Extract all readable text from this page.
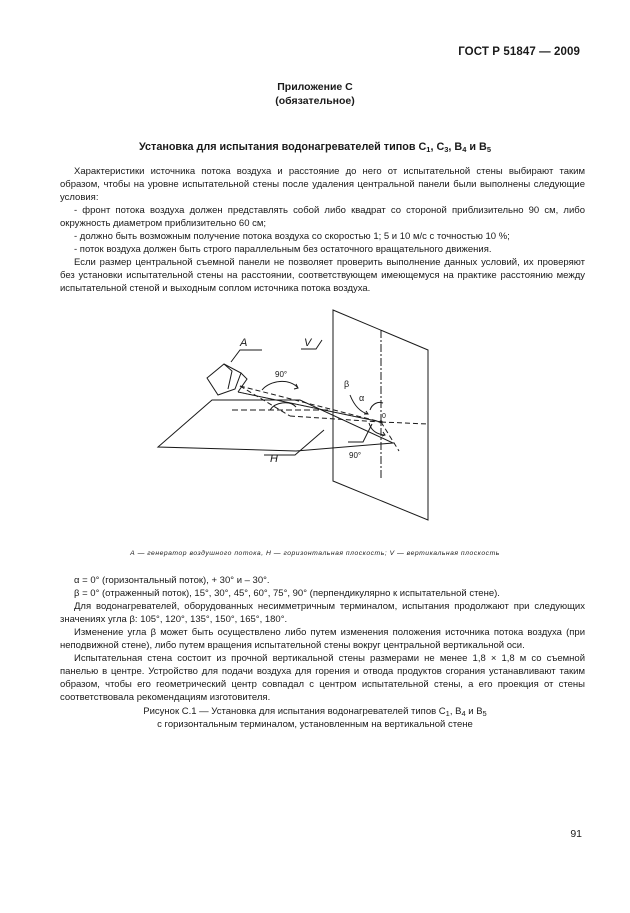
ГОСТ Р 51847 — 2009
Приложение С
(обязательное)
Установка для испытания водонагревателей типов $C_1$, $C_3$, $B_4$ и $B_5$

Характеристики источника потока воздуха и расстояние до него от испытательной стены выбирают таким образом, чтобы на уровне испытательной стены после удаления центральной панели были выполнены следующие условия:

- фронт потока воздуха должен представлять собой либо квадрат со стороной приблизительно 90 см, либо окружность диаметром приблизительно 60 см;

- должно быть возможным получение потока воздуха со скоростью 1; 5 и 10 м/с с точностью 10 %;

- поток воздуха должен быть строго параллельным без остаточного вращательного движения.

Если размер центральной съемной панели не позволяет проверить выполнение данных условий, их проверяют без установки испытательной стены на расстоянии, соответствующем имеющемуся на практике расстоянию между испытательной стеной и выходным соплом источника потока воздуха.

A	V
H
90°
90°
β
α
0
А — генератор воздушного потока, Н — горизонтальная плоскость; V — вертикальная плоскость

α = 0° (горизонтальный поток), + 30° и – 30°.

β = 0° (отраженный поток), 15°, 30°, 45°, 60°, 75°, 90° (перпендикулярно к испытательной стене).

Для водонагревателей, оборудованных несимметричным терминалом, испытания продолжают при следующих значениях угла β: 105°, 120°, 135°, 150°, 165°, 180°.

Изменение угла β может быть осуществлено либо путем изменения положения источника потока воздуха (при неподвижной стене), либо путем вращения испытательной стены вокруг центральной вертикальной оси.

Испытательная стена состоит из прочной вертикальной стены размерами не менее 1,8 × 1,8 м со съемной панелью в центре. Устройство для подачи воздуха для горения и отвода продуктов сгорания устанавливают таким образом, чтобы его геометрический центр совпадал с центром испытательной стены, а его проекция от стены соответствовала рекомендациям изготовителя.

Рисунок С.1 — Установка для испытания водонагревателей типов $C_1$, $B_4$ и $B_5$
с горизонтальным терминалом, установленным на вертикальной стене
91
